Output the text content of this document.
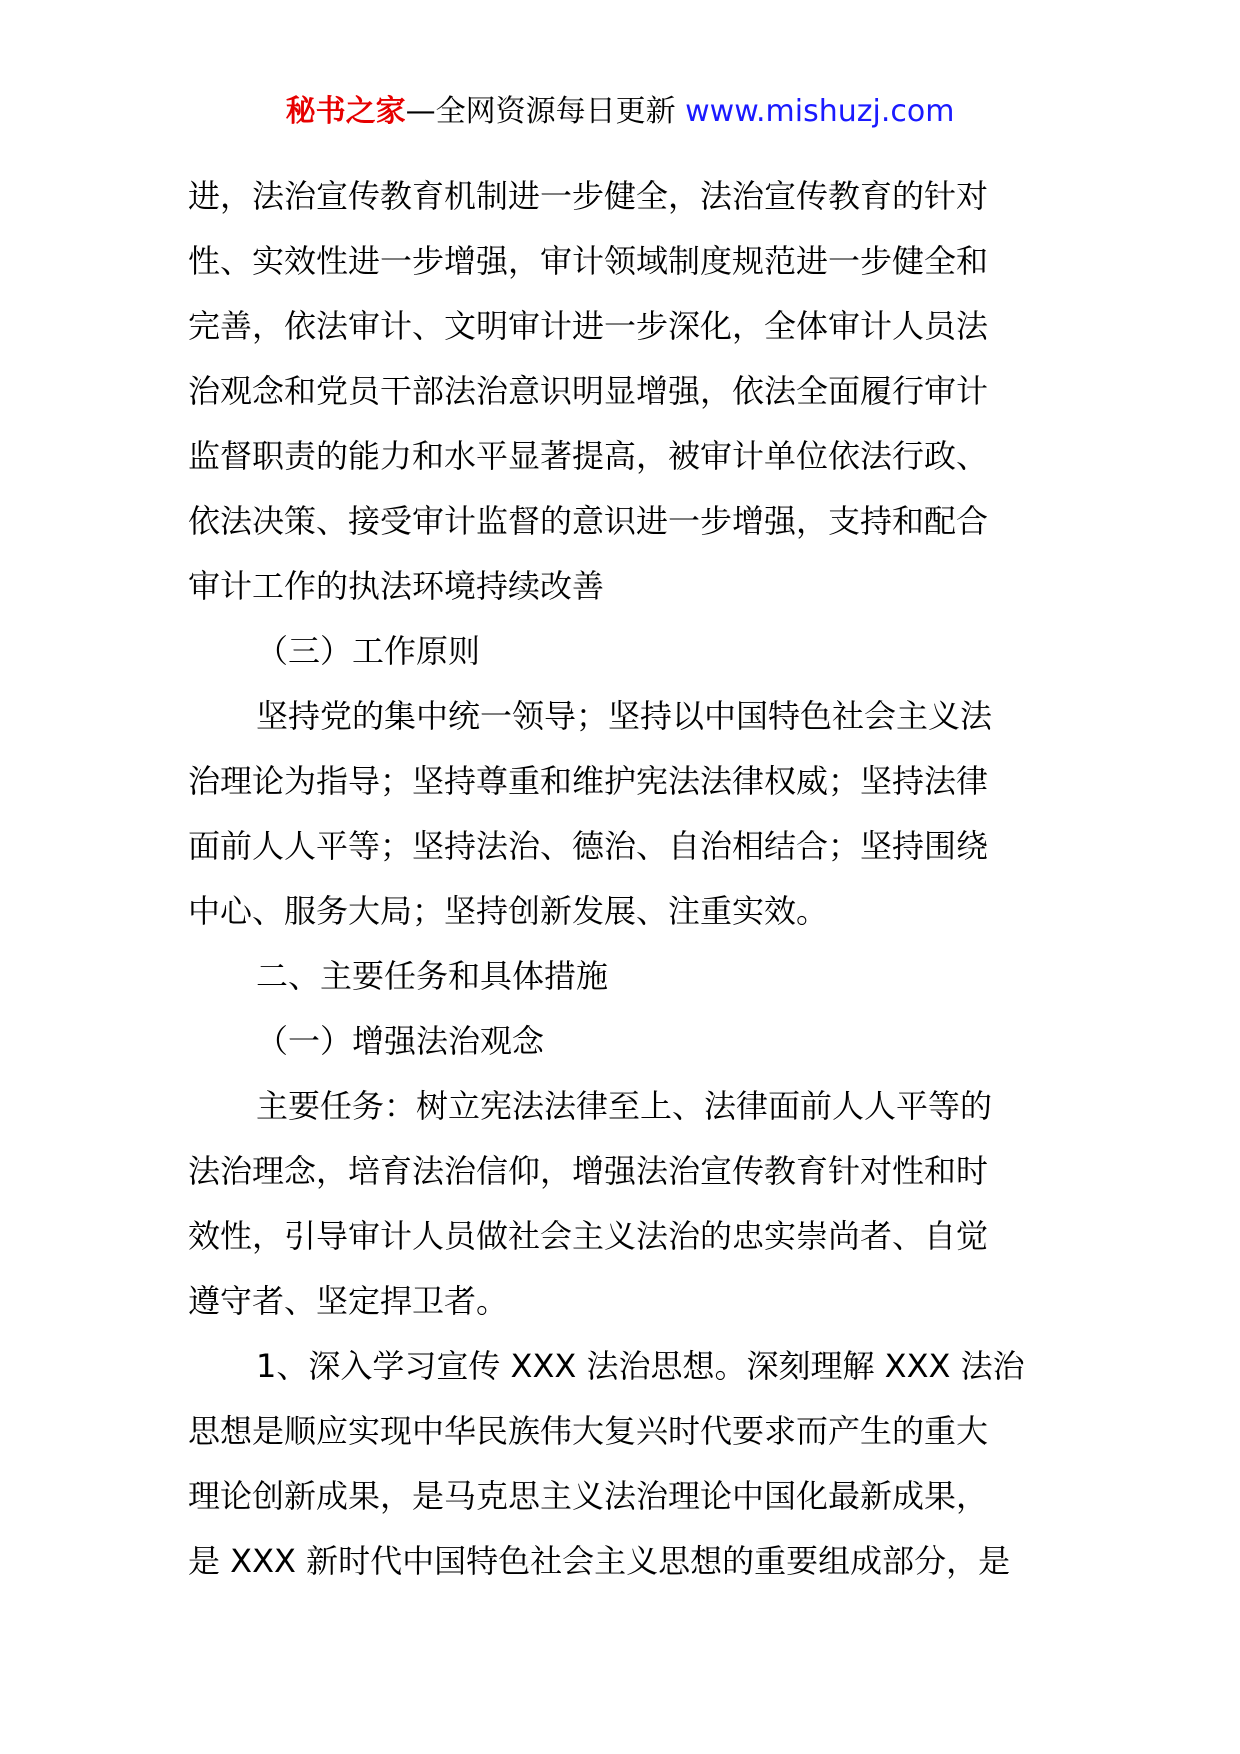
秘书之家—全网资源每日更新 www.mishuzj.com
进，法治宣传教育机制进一步健全，法治宣传教育的针对
性、实效性进一步增强，审计领域制度规范进一步健全和
完善，依法审计、文明审计进一步深化，全体审计人员法
治观念和党员干部法治意识明显增强，依法全面履行审计
监督职责的能力和水平显著提高，被审计单位依法行政、
依法决策、接受审计监督的意识进一步增强，支持和配合
审计工作的执法环境持续改善
（三）工作原则
坚持党的集中统一领导；坚持以中国特色社会主义法
治理论为指导；坚持尊重和维护宪法法律权威；坚持法律
面前人人平等；坚持法治、德治、自治相结合；坚持围绕
中心、服务大局；坚持创新发展、注重实效。
二、主要任务和具体措施
（一）增强法治观念
主要任务：树立宪法法律至上、法律面前人人平等的
法治理念，培育法治信仰，增强法治宣传教育针对性和时
效性，引导审计人员做社会主义法治的忠实崇尚者、自觉
遵守者、坚定捍卫者。
1、深入学习宣传 XXX 法治思想。深刻理解 XXX 法治
思想是顺应实现中华民族伟大复兴时代要求而产生的重大
理论创新成果，是马克思主义法治理论中国化最新成果，
是 XXX 新时代中国特色社会主义思想的重要组成部分，是
